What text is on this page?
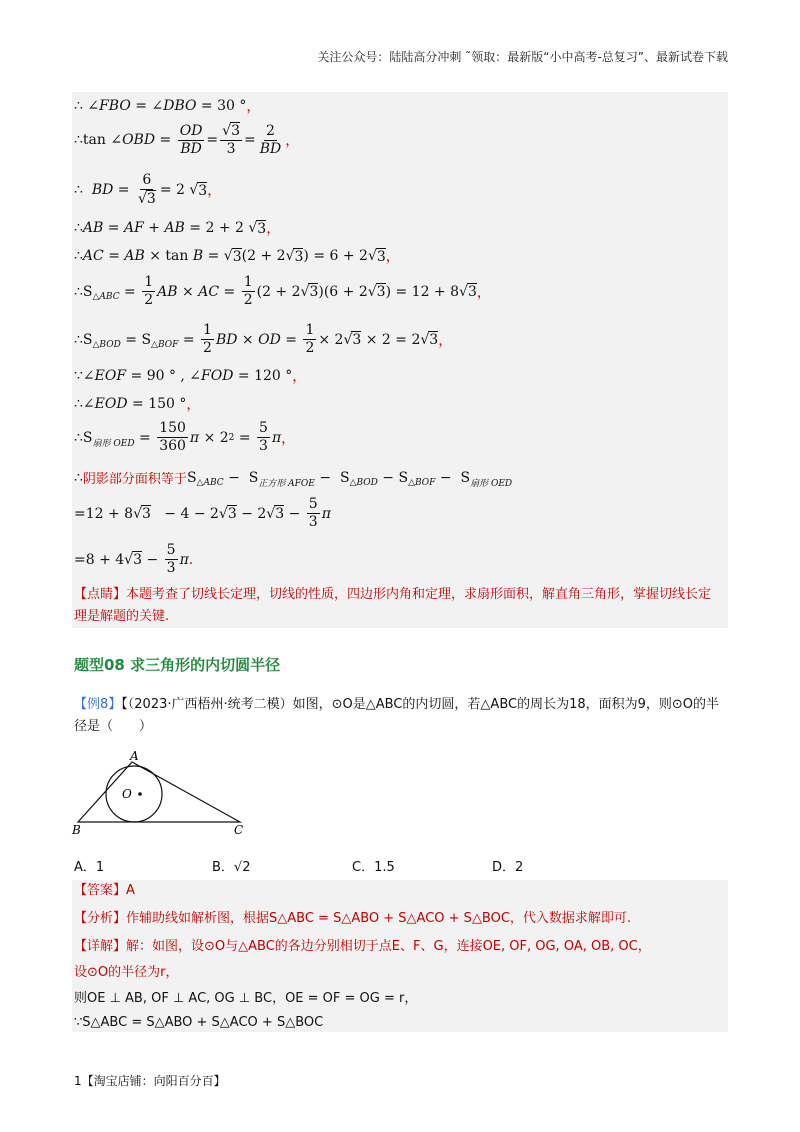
关注公众号：陆陆高分冲刺 ˜领取：最新版“小中高考-总复习”、最新试卷下载
∴ ∠ FBO = ∠ DBO = 30 ° ，
∴tan ∠ OBD = $\frac{OD}{BD} = \frac{√3}{3} = \frac{2}{BD}$ ，
∴ BD = $\frac{6}{√3} = 2$ √ 3 ，
∴ AB = AF + AB = 2 + 2 √ 3 ，
∴ AC = AB × tan B = √ 3 (2 + 2√ 3 ) = 6 + 2√ 3 ，
∴ S △ABC = $\frac{1}{2}$ AB × AC = $\frac{1}{2} (2 + 2√$ 3 )(6 + 2√ 3 ) = 12 + 8√ 3 ，
∴ S △BOD = S △BOF = $\frac{1}{2}$ BD × OD = $\frac{1}{2} \times 2√$ 3 × 2 = 2√ 3 ，
∵∠ EOF = 90 ° , ∠ FOD = 120 ° ，
∴∠ EOD = 150 ° ，
∴ S 扇形 OED = $\frac{150}{360}$ π × 2 $2 = \frac{5}{3}$ π ，
∴ 阴影部分面积等于 S △ABC − S 正方形 AFOE − S △BOD − S △BOF − S 扇形 OED
=12 + 8√ 3 − 4 − 2√ 3 − 2√ $3 - \frac{5}{3}$ π
=8 + 4√ $3 - \frac{5}{3}$ π .
【点睛】本题考查了切线长定理，切线的性质，四边形内角和定理，求扇形面积，解直角三角形，掌握切线长定理是解题的关键.
题型08 求三角形的内切圆半径
【例8】【（2023·广西梧州·统考二模）如图，⊙O是△ABC的内切圆，若△ABC的周长为18，面积为9，则⊙O的半径是（　　）
A
B	C
O
A．1	B．√2	C．1.5	D．2
【答案】A
【分析】作辅助线如解析图，根据S△ABC = S△ABO + S△ACO + S△BOC，代入数据求解即可.
【详解】解：如图，设⊙O与△ABC的各边分别相切于点E、F、G，连接OE, OF, OG, OA, OB, OC，
设⊙O的半径为r，
则OE ⊥ AB, OF ⊥ AC, OG ⊥ BC，OE = OF = OG = r，
∵S△ABC = S△ABO + S△ACO + S△BOC
1【淘宝店铺：向阳百分百】
